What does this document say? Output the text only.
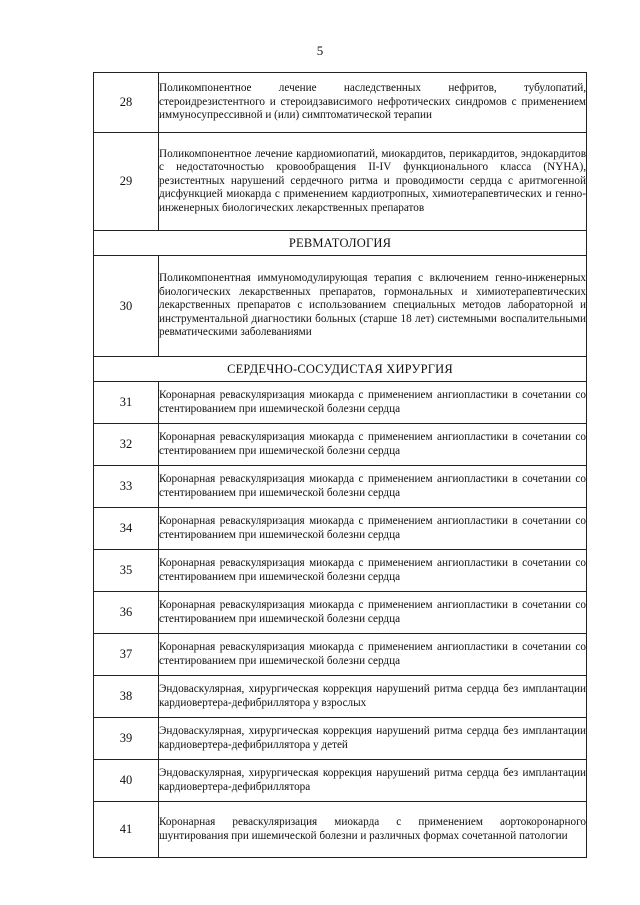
5
28	Поликомпонентное лечение наследственных нефритов, тубулопатий, стероидрезистентного и стероидзависимого нефротических синдромов с применением иммуносупрессивной и (или) симптоматической терапии
29	Поликомпонентное лечение кардиомиопатий, миокардитов, перикардитов, эндокардитов с недостаточностью кровообращения II-IV функционального класса (NYHA), резистентных нарушений сердечного ритма и проводимости сердца с аритмогенной дисфункцией миокарда с применением кардиотропных, химиотерапевтических и генно-инженерных биологических лекарственных препаратов
РЕВМАТОЛОГИЯ	
30	Поликомпонентная иммуномодулирующая терапия с включением генно-инженерных биологических лекарственных препаратов, гормональных и химиотерапевтических лекарственных препаратов с использованием специальных методов лабораторной и инструментальной диагностики больных (старше 18 лет) системными воспалительными ревматическими заболеваниями
СЕРДЕЧНО-СОСУДИСТАЯ ХИРУРГИЯ	
31	Коронарная реваскуляризация миокарда с применением ангиопластики в сочетании со стентированием при ишемической болезни сердца
32	Коронарная реваскуляризация миокарда с применением ангиопластики в сочетании со стентированием при ишемической болезни сердца
33	Коронарная реваскуляризация миокарда с применением ангиопластики в сочетании со стентированием при ишемической болезни сердца
34	Коронарная реваскуляризация миокарда с применением ангиопластики в сочетании со стентированием при ишемической болезни сердца
35	Коронарная реваскуляризация миокарда с применением ангиопластики в сочетании со стентированием при ишемической болезни сердца
36	Коронарная реваскуляризация миокарда с применением ангиопластики в сочетании со стентированием при ишемической болезни сердца
37	Коронарная реваскуляризация миокарда с применением ангиопластики в сочетании со стентированием при ишемической болезни сердца
38	Эндоваскулярная, хирургическая коррекция нарушений ритма сердца без имплантации кардиовертера-дефибриллятора у взрослых
39	Эндоваскулярная, хирургическая коррекция нарушений ритма сердца без имплантации кардиовертера-дефибриллятора у детей
40	Эндоваскулярная, хирургическая коррекция нарушений ритма сердца без имплантации кардиовертера-дефибриллятора
41	Коронарная реваскуляризация миокарда с применением аортокоронарного шунтирования при ишемической болезни и различных формах сочетанной патологии
